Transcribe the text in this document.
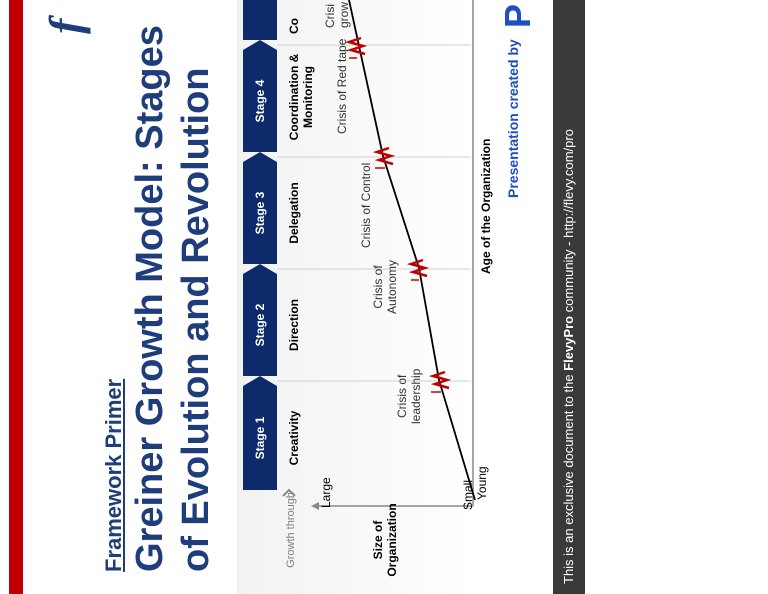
f
Framework Primer Greiner Growth Model: Stages of Evolution and Revolution	Stage 1
Stage 2
Stage 3
Stage 4
Growth through
Creativity
Direction
Delegation
Coordination & Monitoring
Co
Crisis of leadership
Crisis of Autonomy
Crisis of Control
Crisis of Red tape
Crisi grow
Large	Small Young
Size of Organization
Age of the Organization
Presentation created by
P
This is an exclusive document to the FlevyPro community - http://flevy.com/pro
